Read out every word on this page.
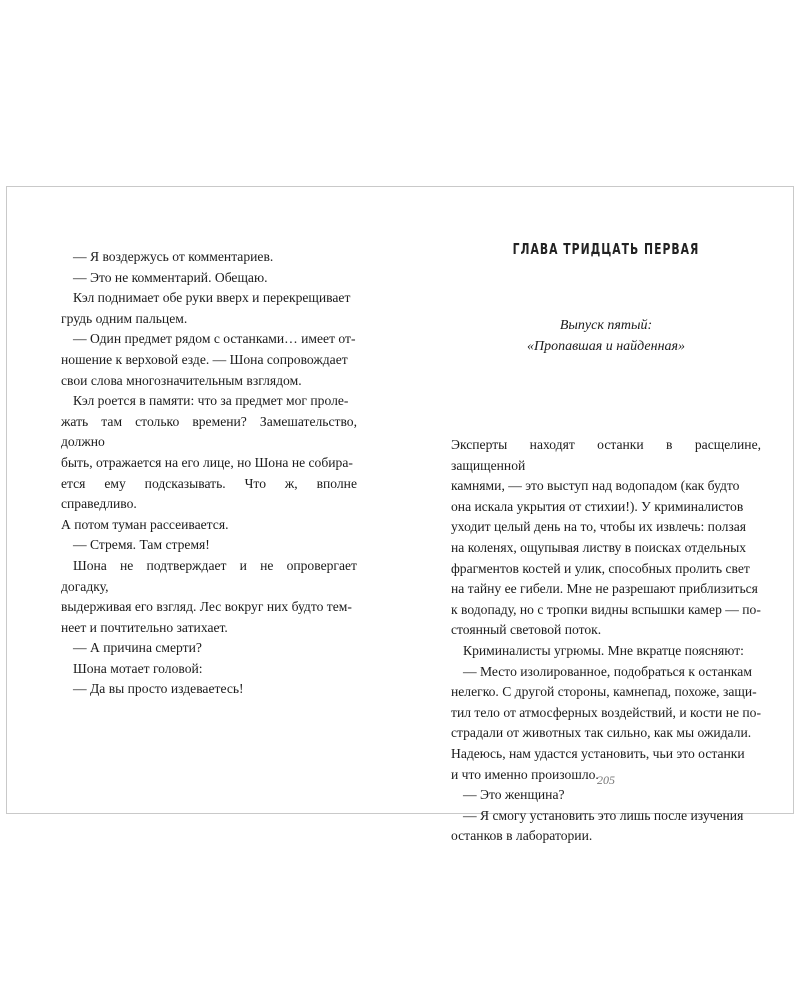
— Я воздержусь от комментариев.

— Это не комментарий. Обещаю.

Кэл поднимает обе руки вверх и перекрещивает

грудь одним пальцем.

— Один предмет рядом с останками… имеет от-

ношение к верховой езде. — Шона сопровождает

свои слова многозначительным взглядом.

Кэл роется в памяти: что за предмет мог проле-

жать там столько времени? Замешательство, должно

быть, отражается на его лице, но Шона не собира-

ется ему подсказывать. Что ж, вполне справедливо.

А потом туман рассеивается.

— Стремя. Там стремя!

Шона не подтверждает и не опровергает догадку,

выдерживая его взгляд. Лес вокруг них будто тем-

неет и почтительно затихает.

— А причина смерти?

Шона мотает головой:

— Да вы просто издеваетесь!

ГЛАВА ТРИДЦАТЬ ПЕРВАЯ

Выпуск пятый:

«Пропавшая и найденная»

Эксперты находят останки в расщелине, защищенной

камнями, — это выступ над водопадом (как будто

она искала укрытия от стихии!). У криминалистов

уходит целый день на то, чтобы их извлечь: ползая

на коленях, ощупывая листву в поисках отдельных

фрагментов костей и улик, способных пролить свет

на тайну ее гибели. Мне не разрешают приблизиться

к водопаду, но с тропки видны вспышки камер — по-

стоянный световой поток.

Криминалисты угрюмы. Мне вкратце поясняют:

— Место изолированное, подобраться к останкам

нелегко. С другой стороны, камнепад, похоже, защи-

тил тело от атмосферных воздействий, и кости не по-

страдали от животных так сильно, как мы ожидали.

Надеюсь, нам удастся установить, чьи это останки

и что именно произошло.

— Это женщина?

— Я смогу установить это лишь после изучения

останков в лаборатории.

205
